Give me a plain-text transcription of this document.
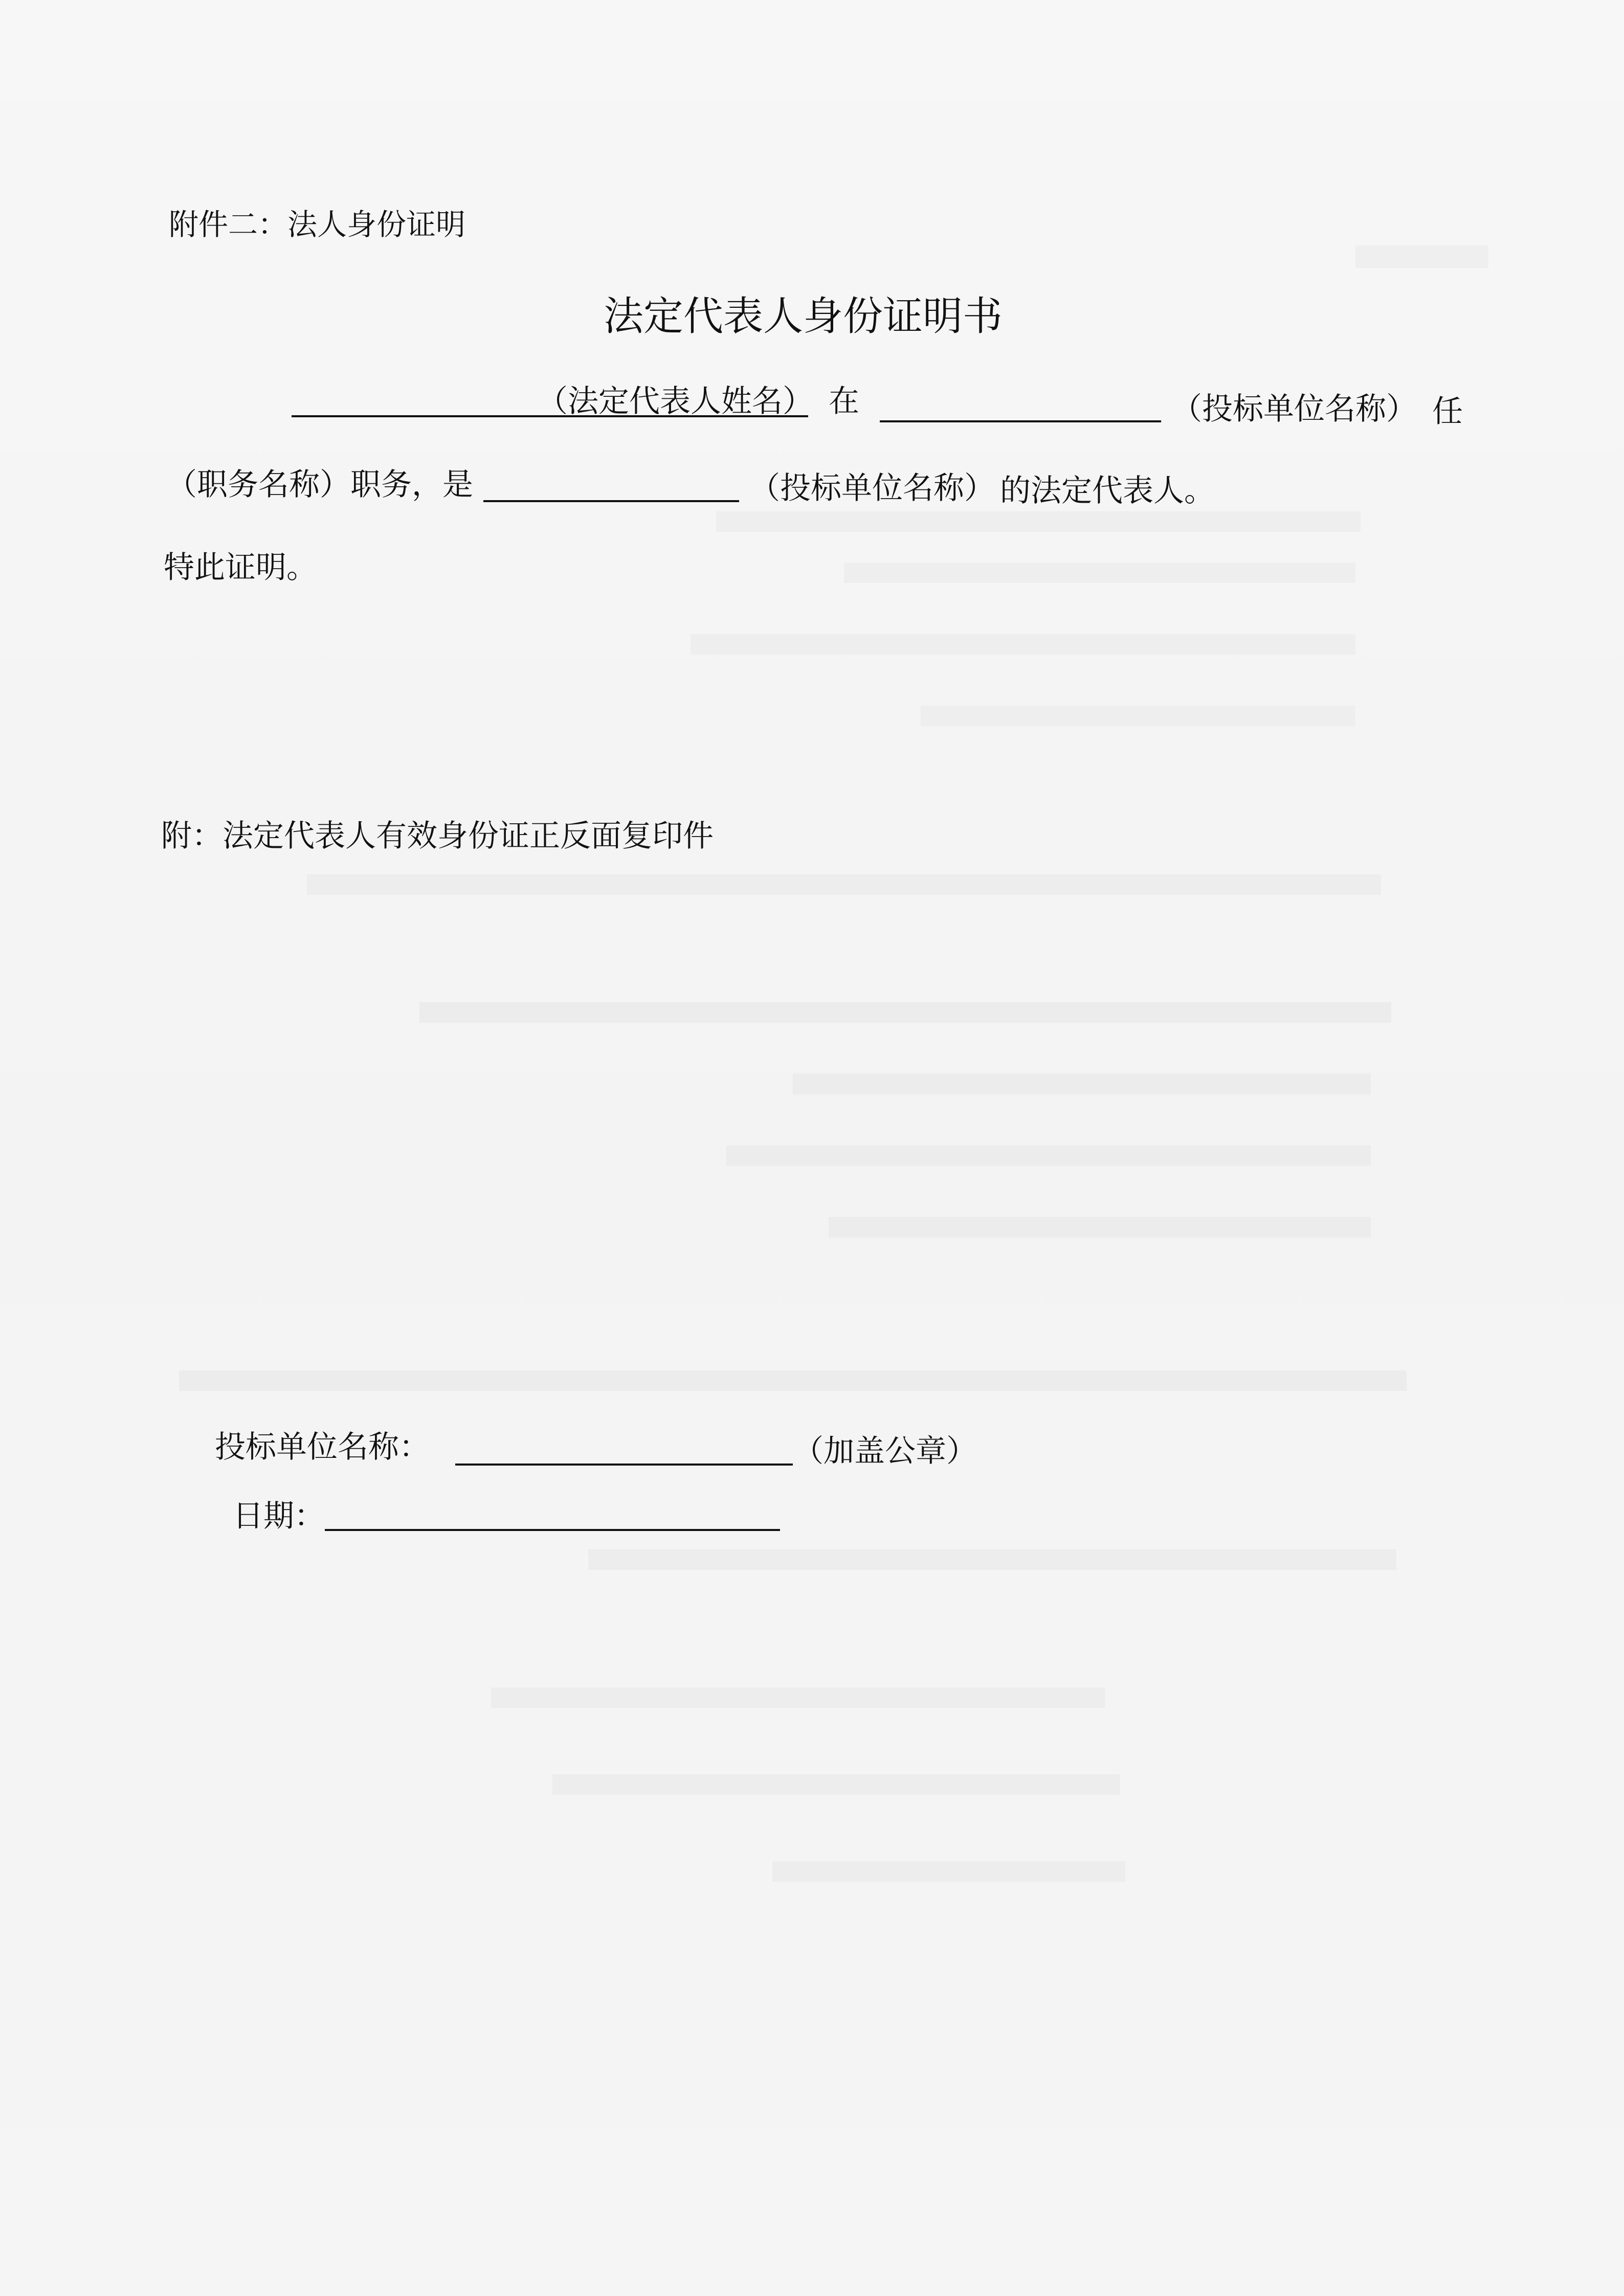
附件二：法人身份证明
法定代表人身份证明书
（法定代表人姓名） 在	（投标单位名称） 任
（职务名称）职务，是	（投标单位名称） 的法定代表人。
特此证明。
附：法定代表人有效身份证正反面复印件
投标单位名称：	（加盖公章）
日期：
